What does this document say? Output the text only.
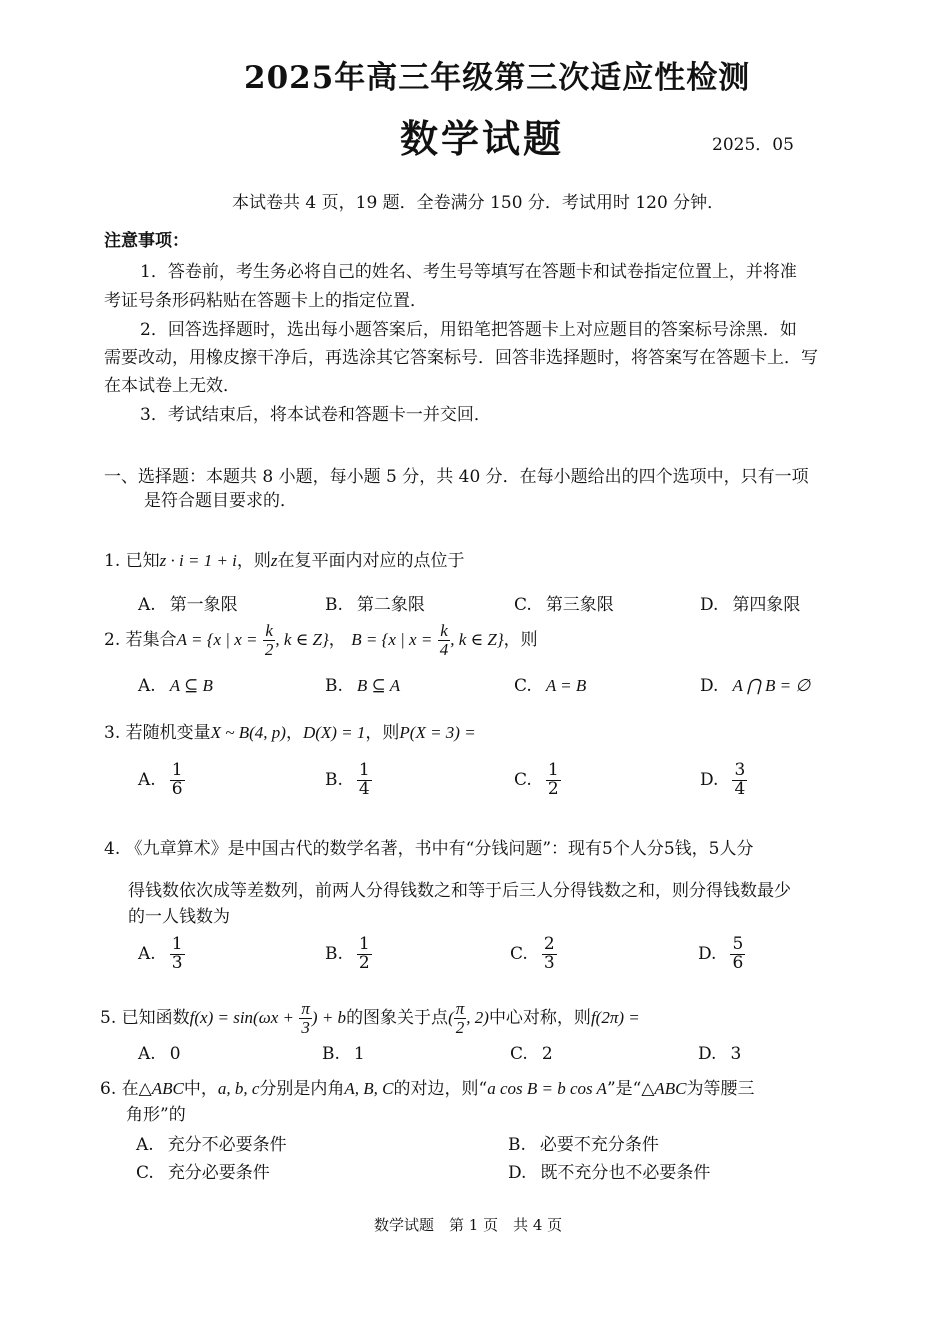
2025年高三年级第三次适应性检测
数学试题	2025．05
本试卷共 4 页，19 题．全卷满分 150 分．考试用时 120 分钟．
注意事项：
1．答卷前，考生务必将自己的姓名、考生号等填写在答题卡和试卷指定位置上，并将准
考证号条形码粘贴在答题卡上的指定位置．
2．回答选择题时，选出每小题答案后，用铅笔把答题卡上对应题目的答案标号涂黑．如
需要改动，用橡皮擦干净后，再选涂其它答案标号．回答非选择题时，将答案写在答题卡上．写
在本试卷上无效．
3．考试结束后，将本试卷和答题卡一并交回．
一、选择题：本题共 8 小题，每小题 5 分，共 40 分．在每小题给出的四个选项中，只有一项
是符合题目要求的．
1. 已知z · i = 1 + i，则z在复平面内对应的点位于
A. 第一象限	B. 第二象限	C. 第三象限	D. 第四象限
2. 若集合A = {x | $x = \frac{k}{2}$ , k ∈ Z}， B = {x | $x = \frac{k}{4}$ , k ∈ Z}，则
A. A ⊆ B	B. B ⊆ A	C. A = B	D. A ⋂ B = ∅
3. 若随机变量X ~ B(4, p)，D(X) = 1，则P(X = 3) =
A. $\frac{1}{6}$	B. $\frac{1}{4}$	C. $\frac{1}{2}$	D. $\frac{3}{4}$
4. 《九章算术》是中国古代的数学名著，书中有“分钱问题”：现有5个人分5钱，5人分
得钱数依次成等差数列，前两人分得钱数之和等于后三人分得钱数之和，则分得钱数最少
的一人钱数为
A. $\frac{1}{3}$	B. $\frac{1}{2}$	C. $\frac{2}{3}$	D. $\frac{5}{6}$
5. 已知函数$f(x) = \sin(\omega x + \frac{\pi}{3}$ ) + b的图象关于点( $\frac{\pi}{2}$ , 2)中心对称，则f(2π) =
A. 0	B. 1	C. 2	D. 3
6. 在△ABC中，a, b, c分别是内角A, B, C的对边，则“a cos B = b cos A”是“△ABC为等腰三
角形”的
A. 充分不必要条件	B. 必要不充分条件
C. 充分必要条件	D. 既不充分也不必要条件
数学试题　第 1 页　共 4 页
